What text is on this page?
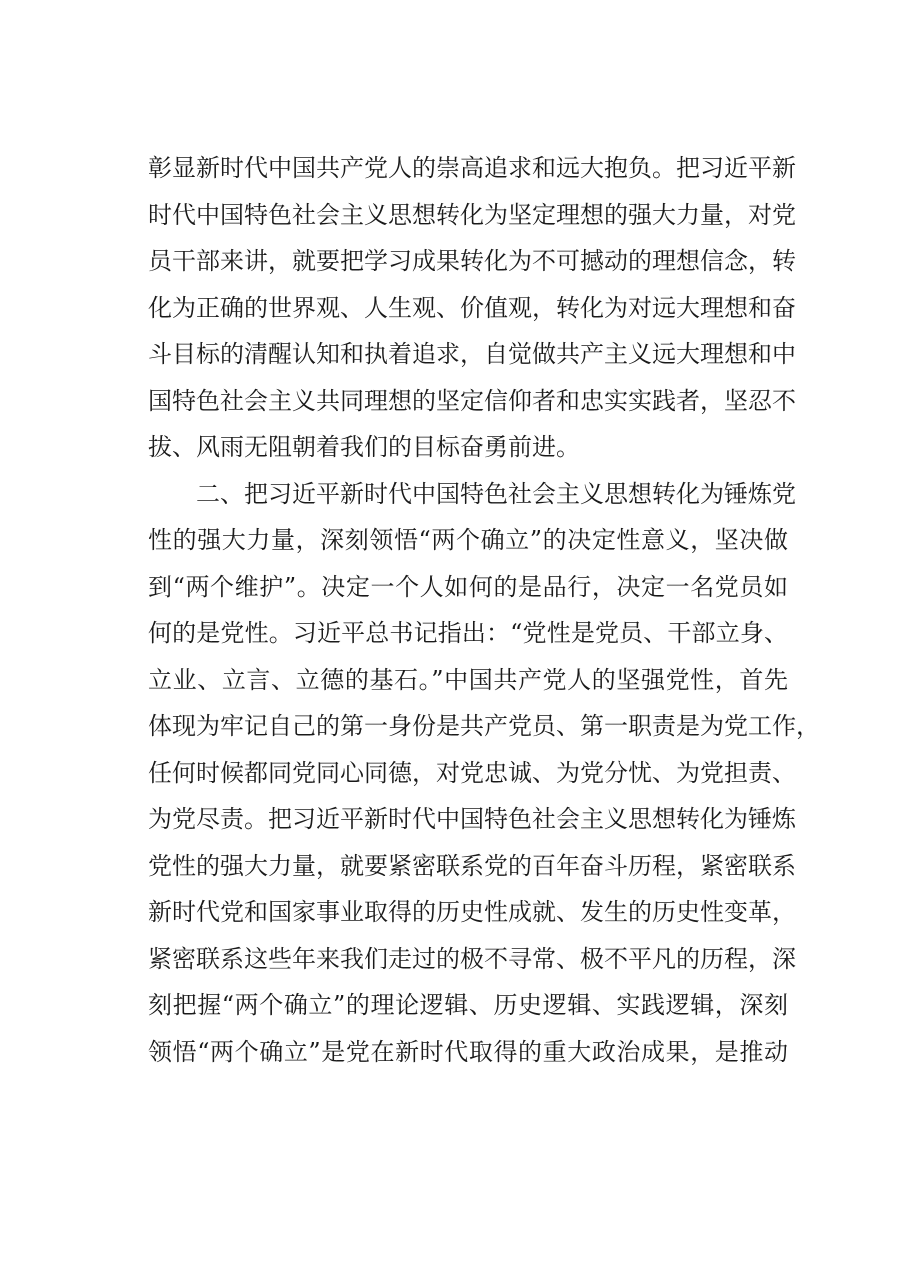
彰显新时代中国共产党人的崇高追求和远大抱负。把习近平新
时代中国特色社会主义思想转化为坚定理想的强大力量，对党
员干部来讲，就要把学习成果转化为不可撼动的理想信念，转
化为正确的世界观、人生观、价值观，转化为对远大理想和奋
斗目标的清醒认知和执着追求，自觉做共产主义远大理想和中
国特色社会主义共同理想的坚定信仰者和忠实实践者，坚忍不
拔、风雨无阻朝着我们的目标奋勇前进。
　　二、把习近平新时代中国特色社会主义思想转化为锤炼党
性的强大力量，深刻领悟“两个确立”的决定性意义，坚决做
到“两个维护”。决定一个人如何的是品行，决定一名党员如
何的是党性。习近平总书记指出：“党性是党员、干部立身、
立业、立言、立德的基石。”中国共产党人的坚强党性，首先
体现为牢记自己的第一身份是共产党员、第一职责是为党工作，
任何时候都同党同心同德，对党忠诚、为党分忧、为党担责、
为党尽责。把习近平新时代中国特色社会主义思想转化为锤炼
党性的强大力量，就要紧密联系党的百年奋斗历程，紧密联系
新时代党和国家事业取得的历史性成就、发生的历史性变革，
紧密联系这些年来我们走过的极不寻常、极不平凡的历程，深
刻把握“两个确立”的理论逻辑、历史逻辑、实践逻辑，深刻
领悟“两个确立”是党在新时代取得的重大政治成果，是推动
